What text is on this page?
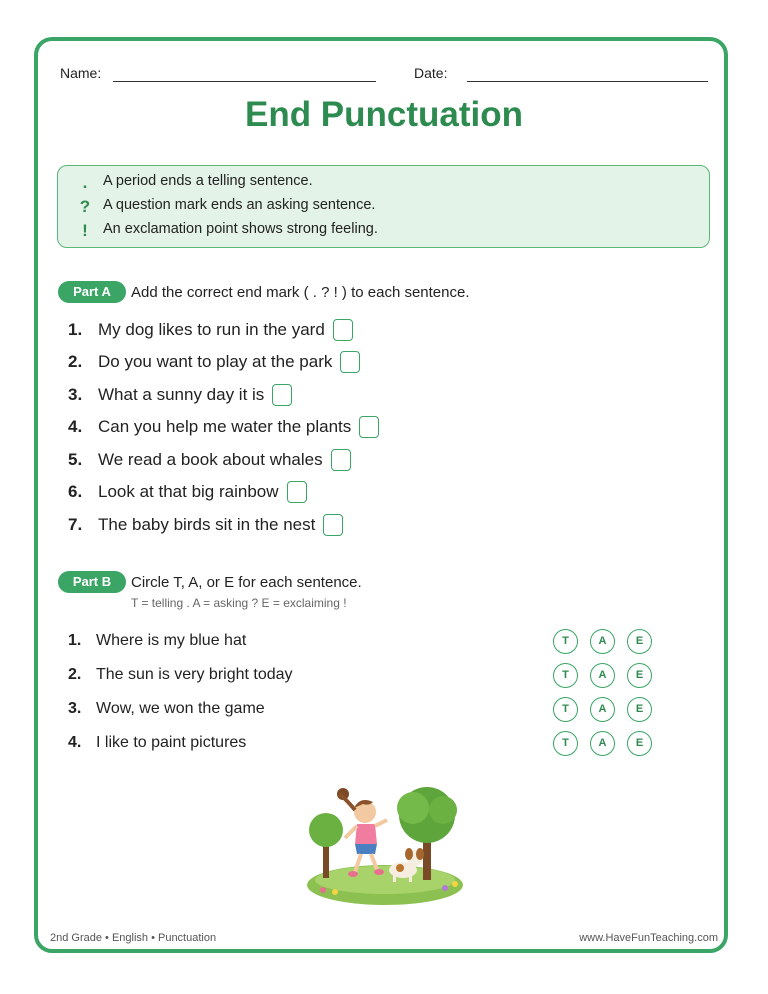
Name:	Date:
End Punctuation
.	A period ends a telling sentence.
? A question mark ends an asking sentence.
! An exclamation point shows strong feeling.
Part A	Add the correct end mark ( . ? ! ) to each sentence.
1. My dog likes to run in the yard
2. Do you want to play at the park
3. What a sunny day it is
4. Can you help me water the plants
5. We read a book about whales
6. Look at that big rainbow
7. The baby birds sit in the nest
Part B	Circle T, A, or E for each sentence.
T = telling . A = asking ? E = exclaiming !
1. Where is my blue hat	T	A	E
2. The sun is very bright today	T	A	E
3. Wow, we won the game	T	A	E
4. I like to paint pictures	T	A	E
2nd Grade • English • Punctuation	www.HaveFunTeaching.com
